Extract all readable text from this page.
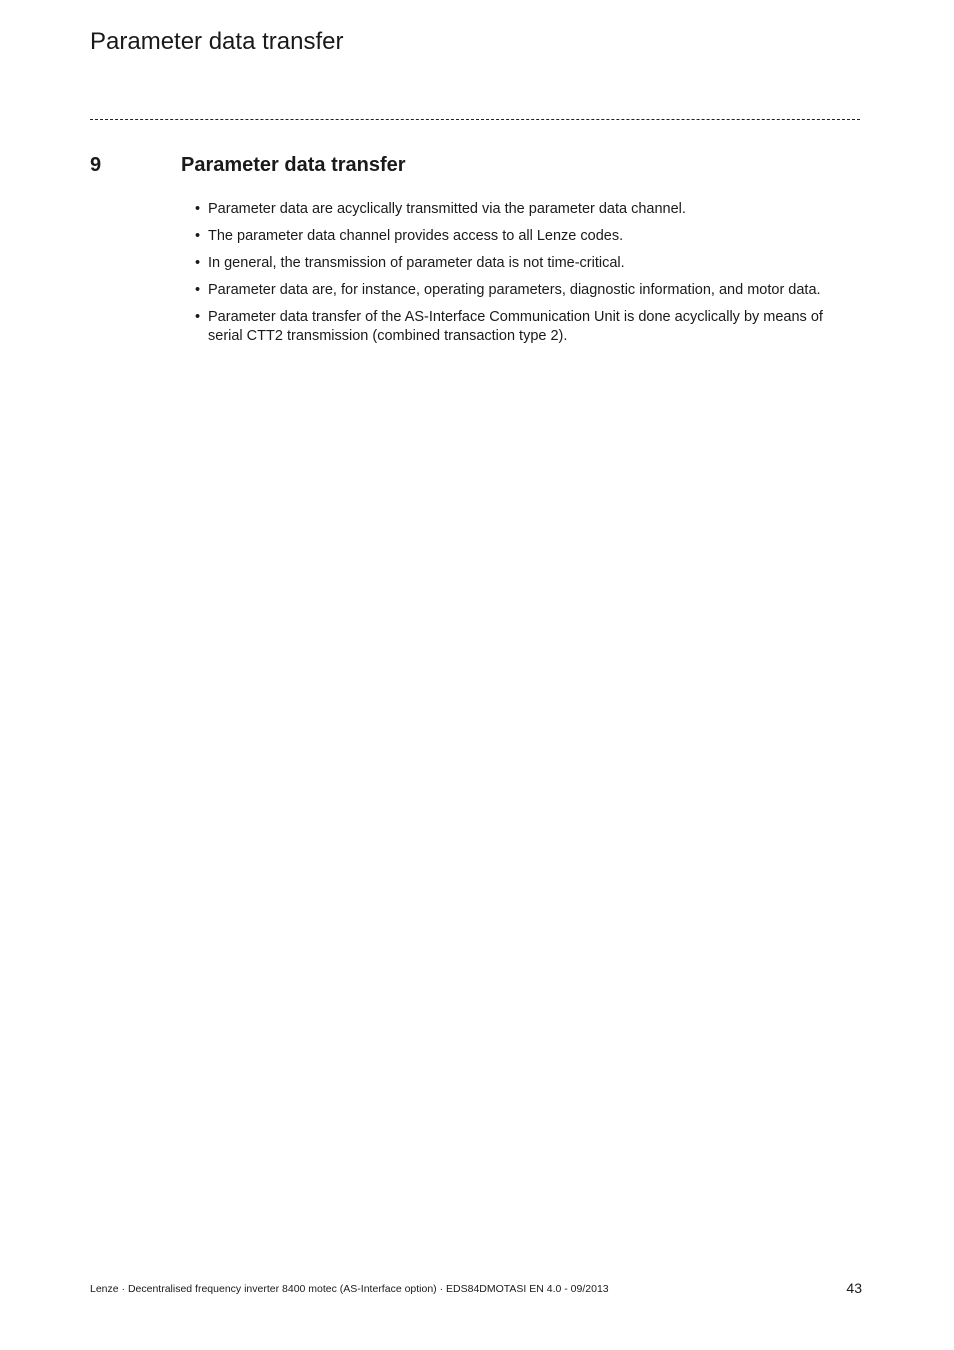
Parameter data transfer
9	Parameter data transfer
• Parameter data are acyclically transmitted via the parameter data channel.
• The parameter data channel provides access to all Lenze codes.
• In general, the transmission of parameter data is not time-critical.
• Parameter data are, for instance, operating parameters, diagnostic information, and motor data.
• Parameter data transfer of the AS-Interface Communication Unit is done acyclically by means of serial CTT2 transmission (combined transaction type 2).
Lenze · Decentralised frequency inverter 8400 motec (AS-Interface option) · EDS84DMOTASI EN 4.0 - 09/2013	43
